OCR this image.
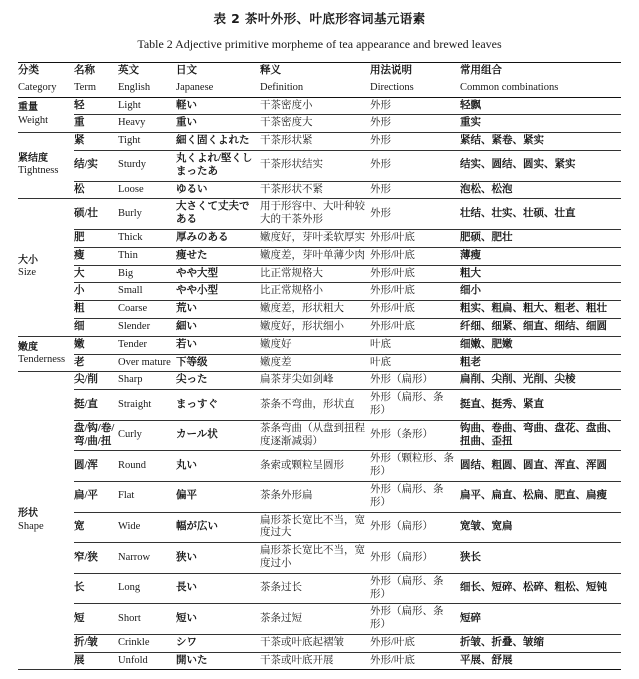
表 2 茶叶外形、叶底形容词基元语素
Table 2 Adjective primitive morpheme of tea appearance and brewed leaves
分类	名称	英文	日文	释义	用法说明	常用组合
Category	Term	English	Japanese	Definition	Directions	Common combinations

重量
Weight	轻	Light	軽い	干茶密度小	外形	轻飘
	重	Heavy	重い	干茶密度大	外形	重实

紧结度
Tightness	紧	Tight	細く固くよれた	干茶形状紧	外形	紧结、紧卷、紧实
	结/实	Sturdy	丸くよれ/堅くしまったあ	干茶形状结实	外形	结实、圆结、圆实、紧实
	松	Loose	ゆるい	干茶形状不紧	外形	泡松、松泡

大小
Size	硕/壮	Burly	大さくて丈夫である	用于形容中、大叶种较大的干茶外形	外形	壮结、壮实、壮硕、壮直
	肥	Thick	厚みのある	嫩度好，芽叶柔软厚实	外形/叶底	肥硕、肥壮
	瘦	Thin	痩せた	嫩度差，芽叶单薄少肉	外形/叶底	薄瘦
	大	Big	やや大型	比正常规格大	外形/叶底	粗大
	小	Small	やや小型	比正常规格小	外形/叶底	细小
	粗	Coarse	荒い	嫩度差，形状粗大	外形/叶底	粗实、粗扁、粗大、粗老、粗壮
	细	Slender	細い	嫩度好，形状细小	外形/叶底	纤细、细紧、细直、细结、细圆

嫩度
Tenderness	嫩	Tender	若い	嫩度好	叶底	细嫩、肥嫩
	老	Over mature	下等级	嫩度差	叶底	粗老

形状
Shape	尖/削	Sharp	尖った	扁茶芽尖如剑峰	外形（扁形）	扁削、尖削、光削、尖棱
	挺/直	Straight	まっすぐ	茶条不弯曲，形状直	外形（扁形、条形）	挺直、挺秀、紧直
	盘/钩/卷/弯/曲/扭	Curly	カール状	茶条弯曲（从盘到扭程度逐渐减弱）	外形（条形）	钩曲、卷曲、弯曲、盘花、盘曲、扭曲、歪扭
	圆/浑	Round	丸い	条索或颗粒呈圆形	外形（颗粒形、条形）	圆结、粗圆、圆直、浑直、浑圆
	扁/平	Flat	偏平	茶条外形扁	外形（扁形、条形）	扁平、扁直、松扁、肥直、扁瘦
	宽	Wide	幅が広い	扁形茶长宽比不当，宽度过大	外形（扁形）	宽皱、宽扁
	窄/狭	Narrow	狭い	扁形茶长宽比不当，宽度过小	外形（扁形）	狭长
	长	Long	長い	茶条过长	外形（扁形、条形）	细长、短碎、松碎、粗松、短钝
	短	Short	短い	茶条过短	外形（扁形、条形）	短碎
	折/皱	Crinkle	シワ	干茶或叶底起褶皱	外形/叶底	折皱、折叠、皱缩
	展	Unfold	開いた	干茶或叶底开展	外形/叶底	平展、舒展
